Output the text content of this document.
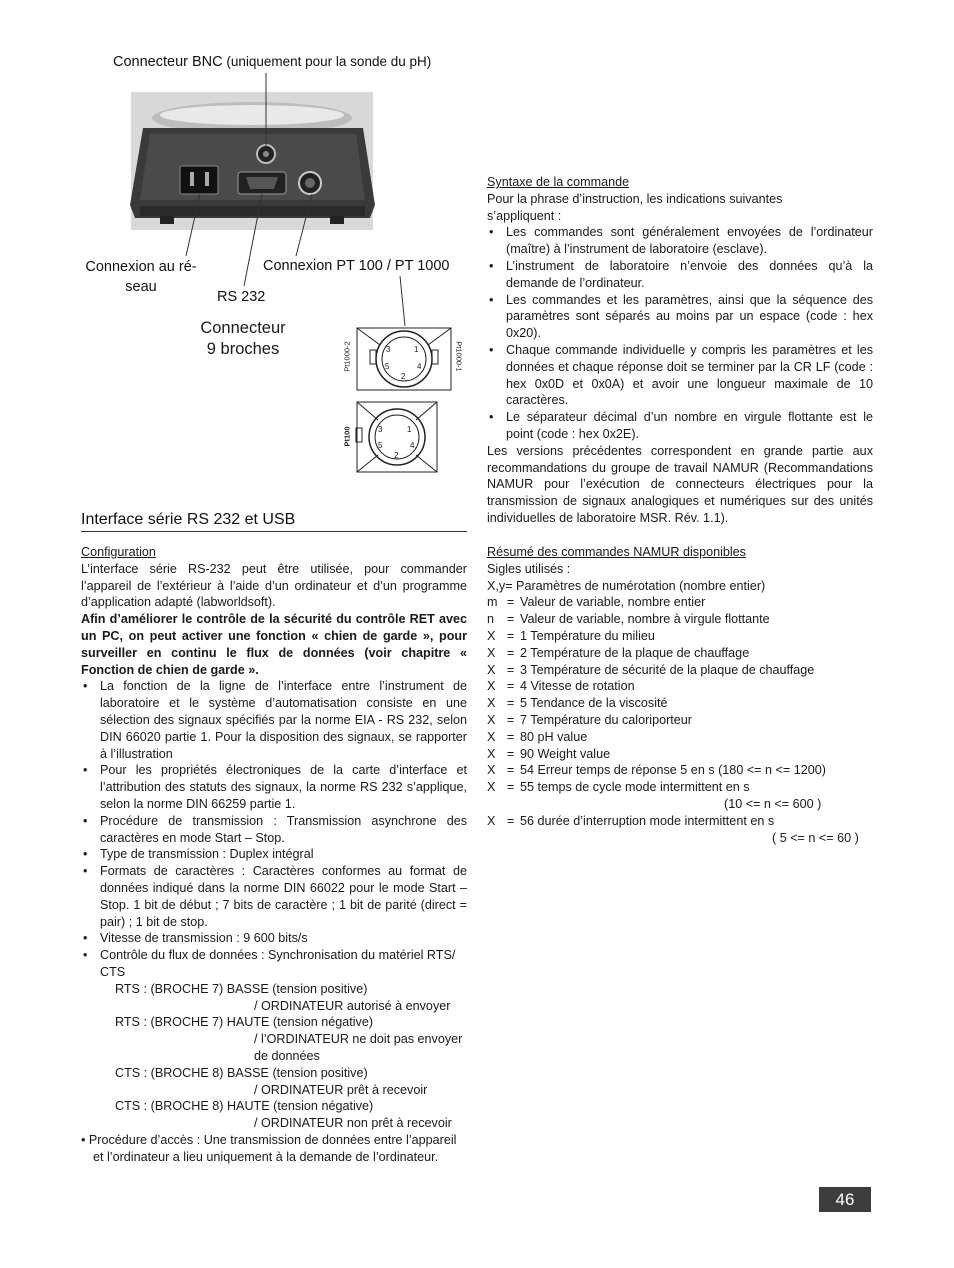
Connecteur BNC (uniquement pour la sonde du pH)
3	1
5	4
2
3	1
5	4
2
Pt1000-2	Pt1000-1
Pt100
Connexion au ré-
seau
RS 232
Connexion PT 100 / PT 1000
Connecteur
9 broches
Interface série RS 232 et USB
Configuration
L’interface série RS-232 peut être utilisée, pour commander l’appareil de l’extérieur à l’aide d’un ordinateur et d’un programme d’application adapté (labworldsoft).
Afin d’améliorer le contrôle de la sécurité du contrôle RET avec un PC, on peut activer une fonction « chien de garde », pour surveiller en continu le flux de données (voir chapitre « Fonction de chien de garde ».
• La fonction de la ligne de l’interface entre l’instrument de laboratoire et le système d’automatisation consiste en une sélection des signaux spécifiés par la norme EIA - RS 232, selon DIN 66020 partie 1. Pour la disposition des signaux, se rapporter à l’illustration
• Pour les propriétés électroniques de la carte d’interface et l’attribution des statuts des signaux, la norme RS 232 s’applique, selon la norme DIN 66259 partie 1.
• Procédure de transmission : Transmission asynchrone des caractères en mode Start – Stop.
• Type de transmission : Duplex intégral
• Formats de caractères : Caractères conformes au format de données indiqué dans la norme DIN 66022 pour le mode Start – Stop. 1 bit de début ; 7 bits de caractère ; 1 bit de parité (direct = pair) ; 1 bit de stop.
• Vitesse de transmission : 9 600 bits/s
• Contrôle du flux de données : Synchronisation du matériel RTS/ CTS
RTS : (BROCHE 7) BASSE (tension positive)
/ ORDINATEUR autorisé à envoyer
RTS : (BROCHE 7) HAUTE (tension négative)
/ l’ORDINATEUR ne doit pas envoyer
de données
CTS : (BROCHE 8) BASSE (tension positive)
/ ORDINATEUR prêt à recevoir
CTS : (BROCHE 8) HAUTE (tension négative)
/ ORDINATEUR non prêt à recevoir
• Procédure d’accès : Une transmission de données entre l’appareil
et l’ordinateur a lieu uniquement à la demande de l’ordinateur.
Syntaxe de la commande
Pour la phrase d’instruction, les indications suivantes s’appliquent :
• Les commandes sont généralement envoyées de l’ordinateur (maître) à l’instrument de laboratoire (esclave).
• L’instrument de laboratoire n’envoie des données qu’à la demande de l’ordinateur.
• Les commandes et les paramètres, ainsi que la séquence des paramètres sont séparés au moins par un espace (code : hex 0x20).
• Chaque commande individuelle y compris les paramètres et les données et chaque réponse doit se terminer par la CR LF (code : hex 0x0D et 0x0A) et avoir une longueur maximale de 10 caractères.
• Le séparateur décimal d’un nombre en virgule flottante est le point (code : hex 0x2E).
Les versions précédentes correspondent en grande partie aux recommandations du groupe de travail NAMUR (Recommandations NAMUR pour l’exécution de connecteurs électriques pour la transmission de signaux analogiques et numériques sur des unités individuelles de laboratoire MSR. Rév. 1.1).
Résumé des commandes NAMUR disponibles
Sigles utilisés :
X,y= Paramètres de numérotation (nombre entier)
m = Valeur de variable, nombre entier
n	= Valeur de variable, nombre à virgule flottante
X = 1 Température du milieu
X = 2 Température de la plaque de chauffage
X = 3 Température de sécurité de la plaque de chauffage
X = 4 Vitesse de rotation
X = 5 Tendance de la viscosité
X = 7 Température du caloriporteur
X = 80 pH value
X = 90 Weight value
X = 54 Erreur temps de réponse 5 en s (180 <= n <= 1200)
X = 55 temps de cycle mode intermittent en s
(10 <= n <= 600 )
X = 56 durée d’interruption mode intermittent en s
( 5 <= n <= 60 )
46
